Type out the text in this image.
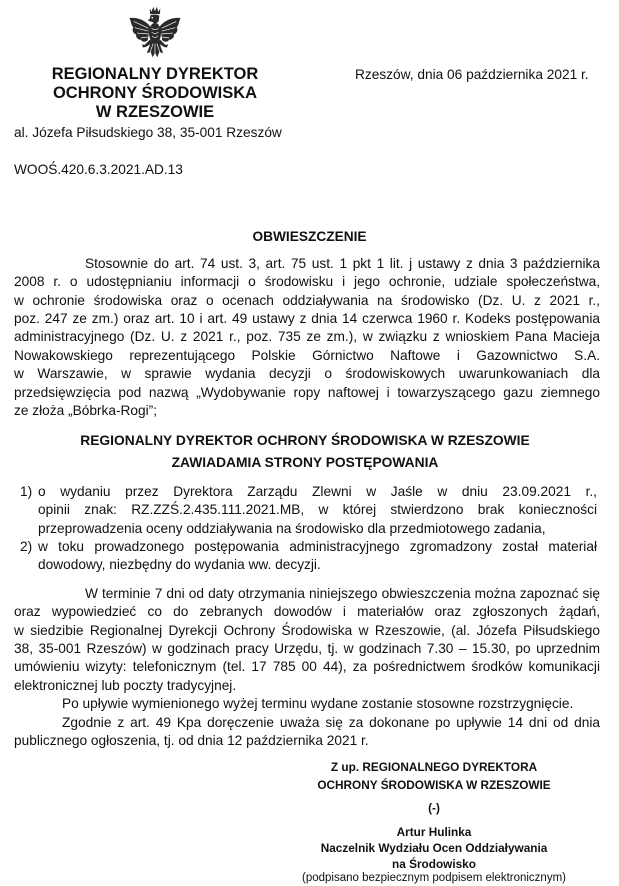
REGIONALNY DYREKTOR
OCHRONY ŚRODOWISKA
W RZESZOWIE
al. Józefa Piłsudskiego 38, 35-001 Rzeszów
Rzeszów, dnia 06 października 2021 r.
WOOŚ.420.6.3.2021.AD.13
OBWIESZCZENIE
Stosownie do art. 74 ust. 3, art. 75 ust. 1 pkt 1 lit. j ustawy z dnia 3 października
2008 r. o udostępnianiu informacji o środowisku i jego ochronie, udziale społeczeństwa,
w ochronie środowiska oraz o ocenach oddziaływania na środowisko (Dz. U. z 2021 r.,
poz. 247 ze zm.) oraz art. 10 i art. 49 ustawy z dnia 14 czerwca 1960 r. Kodeks postępowania
administracyjnego (Dz. U. z 2021 r., poz. 735 ze zm.), w związku z wnioskiem Pana Macieja
Nowakowskiego reprezentującego Polskie Górnictwo Naftowe i Gazownictwo S.A.
w Warszawie, w sprawie wydania decyzji o środowiskowych uwarunkowaniach dla
przedsięwzięcia pod nazwą „Wydobywanie ropy naftowej i towarzyszącego gazu ziemnego
ze złoża „Bóbrka-Rogi”;
REGIONALNY DYREKTOR OCHRONY ŚRODOWISKA W RZESZOWIE
ZAWIADAMIA STRONY POSTĘPOWANIA
1) o wydaniu przez Dyrektora Zarządu Zlewni w Jaśle w dniu 23.09.2021 r.,
opinii znak: RZ.ZZŚ.2.435.111.2021.MB, w której stwierdzono brak konieczności
przeprowadzenia oceny oddziaływania na środowisko dla przedmiotowego zadania,
2) w toku prowadzonego postępowania administracyjnego zgromadzony został materiał
dowodowy, niezbędny do wydania ww. decyzji.
W terminie 7 dni od daty otrzymania niniejszego obwieszczenia można zapoznać się
oraz wypowiedzieć co do zebranych dowodów i materiałów oraz zgłoszonych żądań,
w siedzibie Regionalnej Dyrekcji Ochrony Środowiska w Rzeszowie, (al. Józefa Piłsudskiego
38, 35-001 Rzeszów) w godzinach pracy Urzędu, tj. w godzinach 7.30 – 15.30, po uprzednim
umówieniu wizyty: telefonicznym (tel. 17 785 00 44), za pośrednictwem środków komunikacji
elektronicznej lub poczty tradycyjnej.
Po upływie wymienionego wyżej terminu wydane zostanie stosowne rozstrzygnięcie.
Zgodnie z art. 49 Kpa doręczenie uważa się za dokonane po upływie 14 dni od dnia
publicznego ogłoszenia, tj. od dnia 12 października 2021 r.
Z up. REGIONALNEGO DYREKTORA
OCHRONY ŚRODOWISKA W RZESZOWIE
(-)
Artur Hulinka
Naczelnik Wydziału Ocen Oddziaływania
na Środowisko
(podpisano bezpiecznym podpisem elektronicznym)
